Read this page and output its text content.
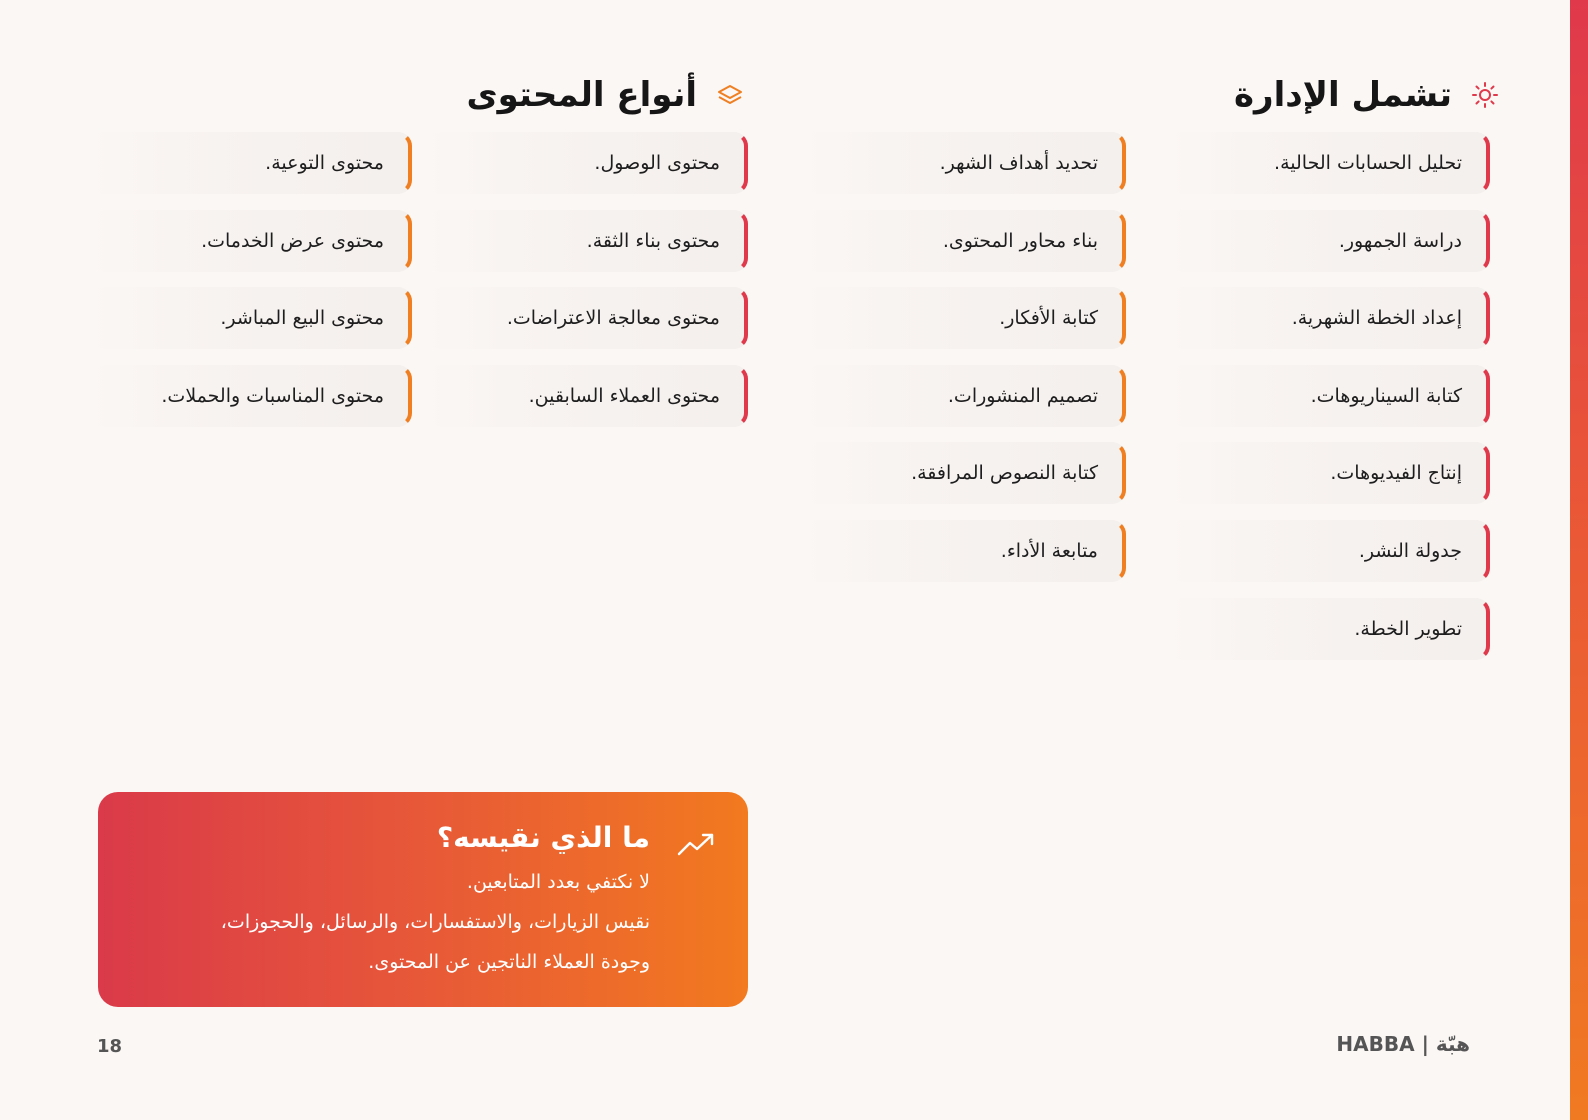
تشمل الإدارة
أنواع المحتوى
تحليل الحسابات الحالية.
دراسة الجمهور.
إعداد الخطة الشهرية.
كتابة السيناريوهات.
إنتاج الفيديوهات.
جدولة النشر.
تطوير الخطة.
تحديد أهداف الشهر.
بناء محاور المحتوى.
كتابة الأفكار.
تصميم المنشورات.
كتابة النصوص المرافقة.
متابعة الأداء.
محتوى الوصول.
محتوى بناء الثقة.
محتوى معالجة الاعتراضات.
محتوى العملاء السابقين.
محتوى التوعية.
محتوى عرض الخدمات.
محتوى البيع المباشر.
محتوى المناسبات والحملات.
ما الذي نقيسه؟

لا نكتفي بعدد المتابعين.

نقيس الزيارات، والاستفسارات، والرسائل، والحجوزات،

وجودة العملاء الناتجين عن المحتوى.

18	هبّة | HABBA
